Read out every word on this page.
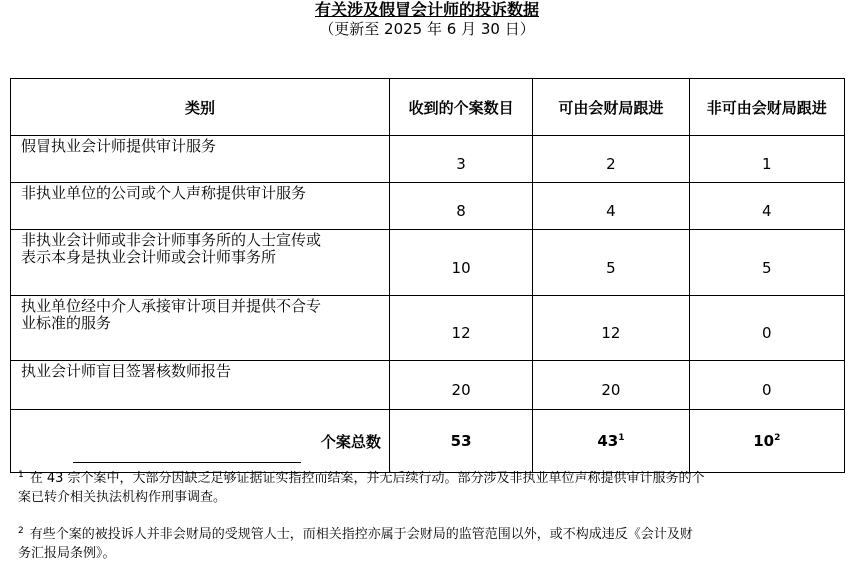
有关涉及假冒会计师的投诉数据
（更新至 2025 年 6 月 30 日）
类别	收到的个案数目	可由会财局跟进	非可由会财局跟进
假冒执业会计师提供审计服务	3	2	1
非执业单位的公司或个人声称提供审计服务	8	4	4

非执业会计师或非会计师事务所的人士宣传或
表示本身是执业会计师或会计师事务所	10	5	5

执业单位经中介人承接审计项目并提供不合专
业标准的服务	12	12	0
执业会计师盲目签署核数师报告	20	20	0
个案总数	53	$43^1$	$10^2$
$^1$ 在 43 宗个案中，大部分因缺乏足够证据证实指控而结案，并无后续行动。部分涉及非执业单位声称提供审计服务的个
案已转介相关执法机构作刑事调查。
$^2$ 有些个案的被投诉人并非会财局的受规管人士，而相关指控亦属于会财局的监管范围以外，或不构成违反《会计及财
务汇报局条例》。
